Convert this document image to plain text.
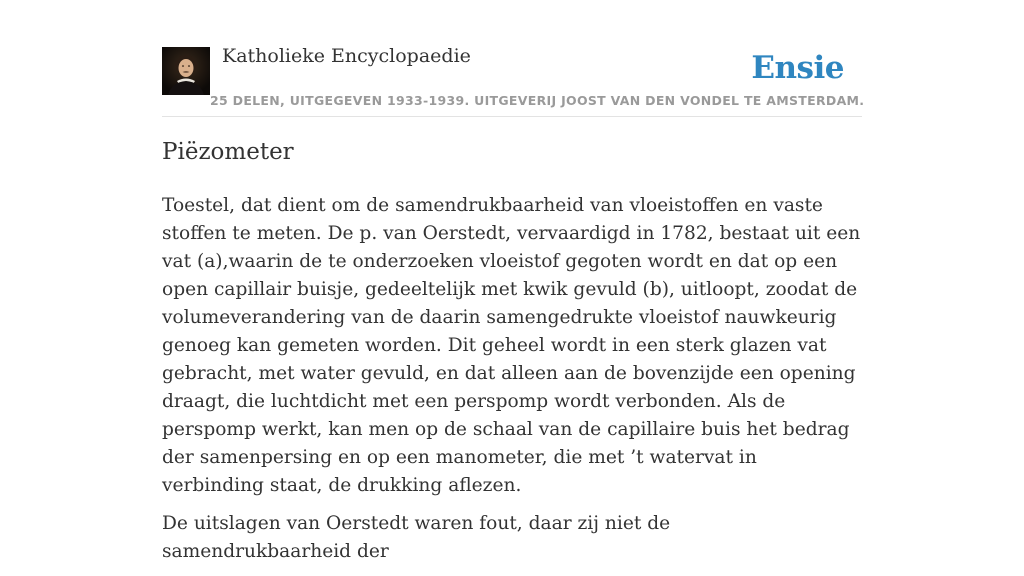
Katholieke Encyclopaedie
25 DELEN, UITGEGEVEN 1933-1939. UITGEVERIJ JOOST VAN DEN VONDEL TE AMSTERDAM.
Ensie
Piëzometer

Toestel, dat dient om de samendrukbaarheid van vloeistoffen en vaste stoffen te meten. De p. van Oerstedt, vervaardigd in 1782, bestaat uit een vat (a),waarin de te onderzoeken vloeistof gegoten wordt en dat op een open capillair buisje, gedeeltelijk met kwik gevuld (b), uitloopt, zoodat de volumeverandering van de daarin samengedrukte vloeistof nauwkeurig genoeg kan gemeten worden. Dit geheel wordt in een sterk glazen vat gebracht, met water gevuld, en dat alleen aan de bovenzijde een opening draagt, die luchtdicht met een perspomp wordt verbonden. Als de perspomp werkt, kan men op de schaal van de capillaire buis het bedrag der samenpersing en op een manometer, die met ’t watervat in verbinding staat, de drukking aflezen.

De uitslagen van Oerstedt waren fout, daar zij niet de samendrukbaarheid der
